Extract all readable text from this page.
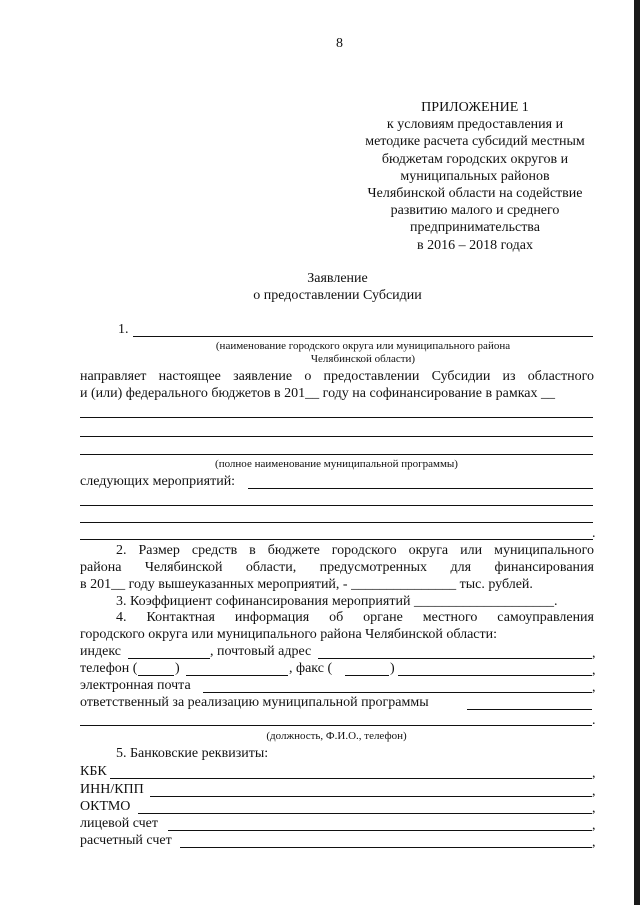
8
ПРИЛОЖЕНИЕ 1
к условиям предоставления и
методике расчета субсидий местным
бюджетам городских округов и
муниципальных районов
Челябинской области на содействие
развитию малого и среднего
предпринимательства
в 2016 – 2018 годах
Заявление
о предоставлении Субсидии
1.
(наименование городского округа или муниципального района
Челябинской области)
направляет настоящее заявление о предоставлении Субсидии из областного
и (или) федерального бюджетов в 201__ году на софинансирование в рамках __
(полное наименование муниципальной программы)
следующих мероприятий:
.
2. Размер средств в бюджете городского округа или муниципального
района Челябинской области, предусмотренных для финансирования
в 201__ году вышеуказанных мероприятий, - _______________ тыс. рублей.
3. Коэффициент софинансирования мероприятий ____________________.
4. Контактная информация об органе местного самоуправления
городского округа или муниципального района Челябинской области:
индекс	, почтовый адрес	,
телефон (	)	, факс (	)	,
электронная почта	,
ответственный за реализацию муниципальной программы
.
(должность, Ф.И.О., телефон)
5. Банковские реквизиты:
КБК	,
ИНН/КПП	,
ОКТМО	,
лицевой счет	,
расчетный счет	,
